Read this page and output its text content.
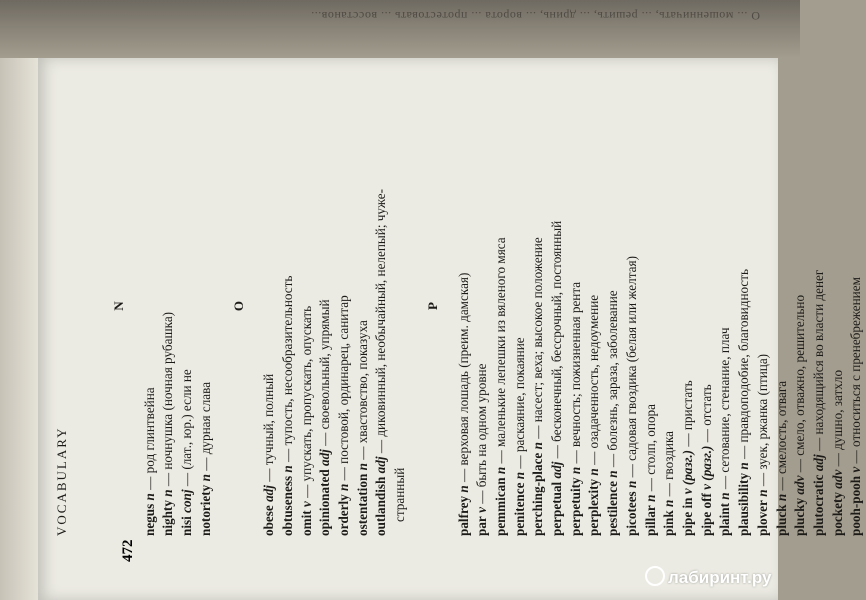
O ... мошенничать, ... решить, ... дринь, ... ворота ... протестовать ... восстанов...
VOCABULARY
N
negus n — род глинтвейна
nighty n — ночнушка (ночная рубашка)
nisi conj — (лат., юр.) если не
notoriety n — дурная слава
O
obese adj — тучный, полный
obtuseness n — тупость, несообразительность
omit v — упускать, пропускать, опускать
opinionated adj — своевольный, упрямый
orderly n — постовой, ординарец, санитар
ostentation n — хвастовство, показуха
outlandish adj — диковинный, необычайный, нелепый; чуже-
странный
P
palfrey n — верховая лошадь (преим. дамская)
par v — быть на одном уровне
pemmican n — маленькие лепешки из вяленого мяса
penitence n — раскаяние, покаяние
perching-place n — насест; веха; высокое положение
perpetual adj — бесконечный, бессрочный, постоянный
perpetuity n — вечность; пожизненная рента
perplexity n — озадаченность, недоумение
pestilence n — болезнь, зараза, заболевание
picotees n — садовая гвоздика (белая или желтая)
pillar n — столп, опора
pink n — гвоздика
pipe in v (разг.) — пристать
pipe off v (разг.) — отстать
plaint n — сетование, стенание, плач
plausibility n — правдоподобие, благовидность
plover n — зуек, ржанка (птица)
pluck n — смелость, отвага
plucky adv — смело, отважно, решительно
plutocratic adj — находящийся во власти денег
pockety adv — душно, затхло
pooh-pooh v — относиться с пренебрежением
472
лабиринт.ру
